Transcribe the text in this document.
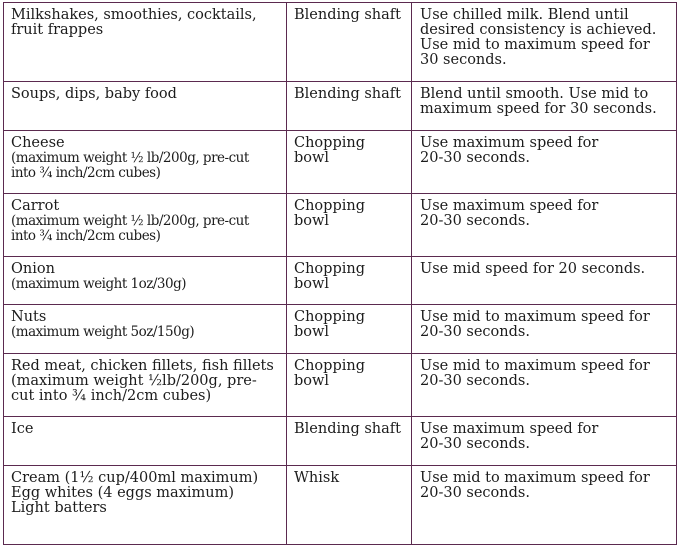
Milkshakes, smoothies, cocktails,
fruit frappes	Blending shaft	Use chilled milk. Blend until
desired consistency is achieved.
Use mid to maximum speed for
30 seconds.

Soups, dips, baby food	Blending shaft	Blend until smooth. Use mid to
maximum speed for 30 seconds.

Cheese
(maximum weight ½ lb/200g, pre-cut
into ¾ inch/2cm cubes)	Chopping
bowl	Use maximum speed for
20-30 seconds.

Carrot
(maximum weight ½ lb/200g, pre-cut
into ¾ inch/2cm cubes)	Chopping
bowl	Use maximum speed for
20-30 seconds.

Onion
(maximum weight 1oz/30g)	Chopping
bowl	Use mid speed for 20 seconds.

Nuts
(maximum weight 5oz/150g)	Chopping
bowl	Use mid to maximum speed for
20-30 seconds.

Red meat, chicken fillets, fish fillets
(maximum weight ½lb/200g, pre-
cut into ¾ inch/2cm cubes)	Chopping
bowl	Use mid to maximum speed for
20-30 seconds.

Ice	Blending shaft	Use maximum speed for
20-30 seconds.

Cream (1½ cup/400ml maximum)
Egg whites (4 eggs maximum)
Light batters	Whisk	Use mid to maximum speed for
20-30 seconds.
